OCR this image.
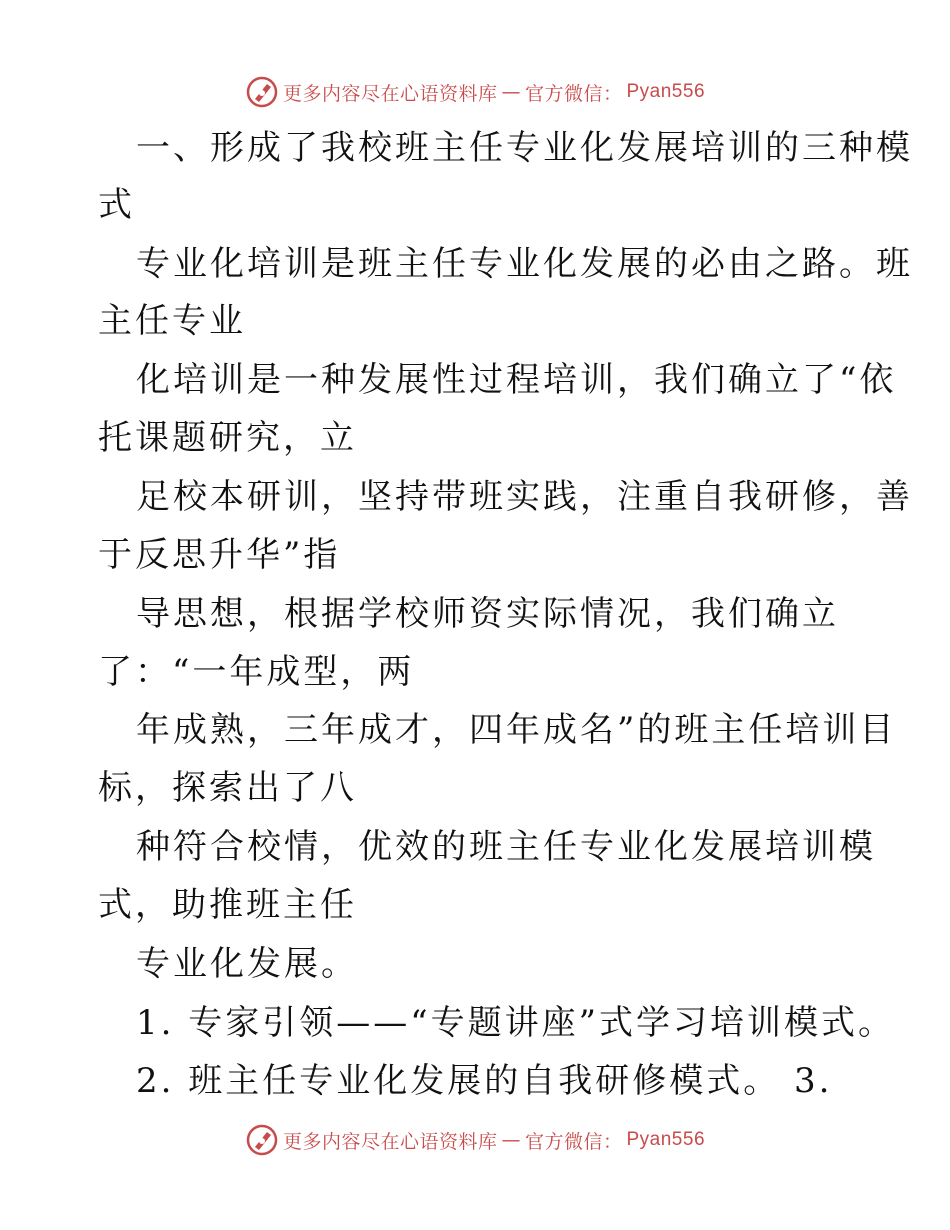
更多内容尽在心语资料库 — 官方微信： Pyan556
一、形成了我校班主任专业化发展培训的三种模
式
专业化培训是班主任专业化发展的必由之路。班
主任专业
化培训是一种发展性过程培训，我们确立了“依
托课题研究，立
足校本研训，坚持带班实践，注重自我研修，善
于反思升华”指
导思想，根据学校师资实际情况，我们确立
了：“一年成型，两
年成熟，三年成才，四年成名”的班主任培训目
标，探索出了八
种符合校情，优效的班主任专业化发展培训模
式，助推班主任
专业化发展。
1. 专家引领——“专题讲座”式学习培训模式。
2. 班主任专业化发展的自我研修模式。 3.
更多内容尽在心语资料库 — 官方微信： Pyan556
